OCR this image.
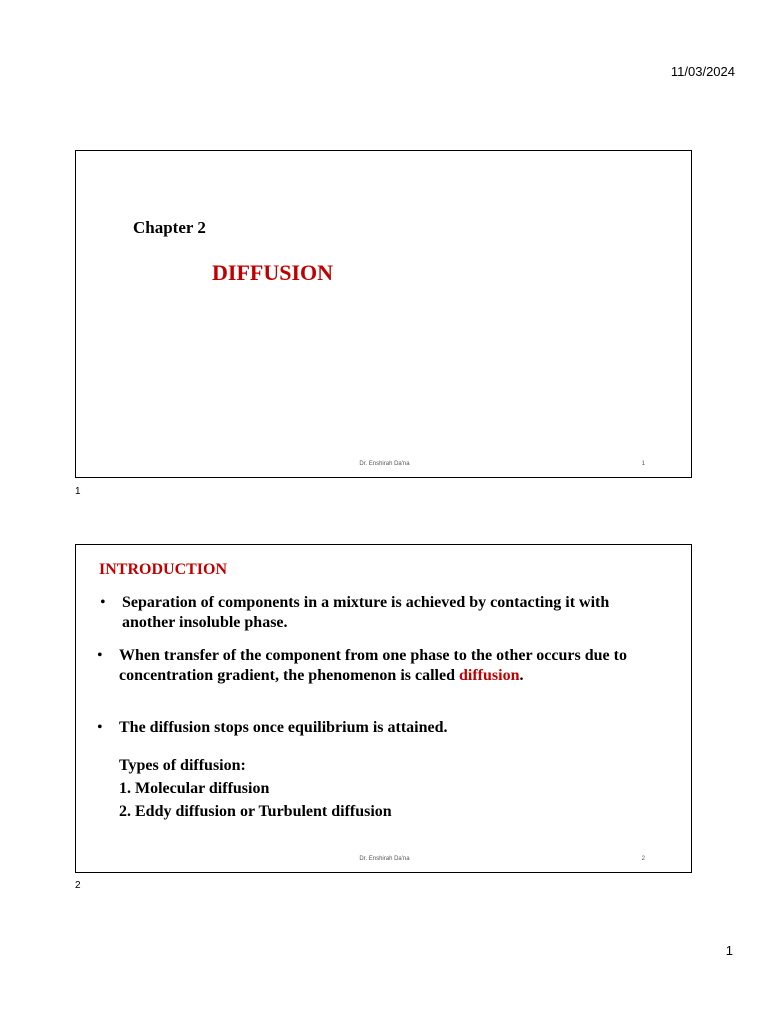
11/03/2024
Chapter 2
DIFFUSION
Dr. Enshirah Da'na	1
1
INTRODUCTION
• Separation of components in a mixture is achieved by contacting it with another insoluble phase.
• When transfer of the component from one phase to the other occurs due to concentration gradient, the phenomenon is called diffusion.
• The diffusion stops once equilibrium is attained.
Types of diffusion:
1. Molecular diffusion
2. Eddy diffusion or Turbulent diffusion
Dr. Enshirah Da'na	2
2
1
